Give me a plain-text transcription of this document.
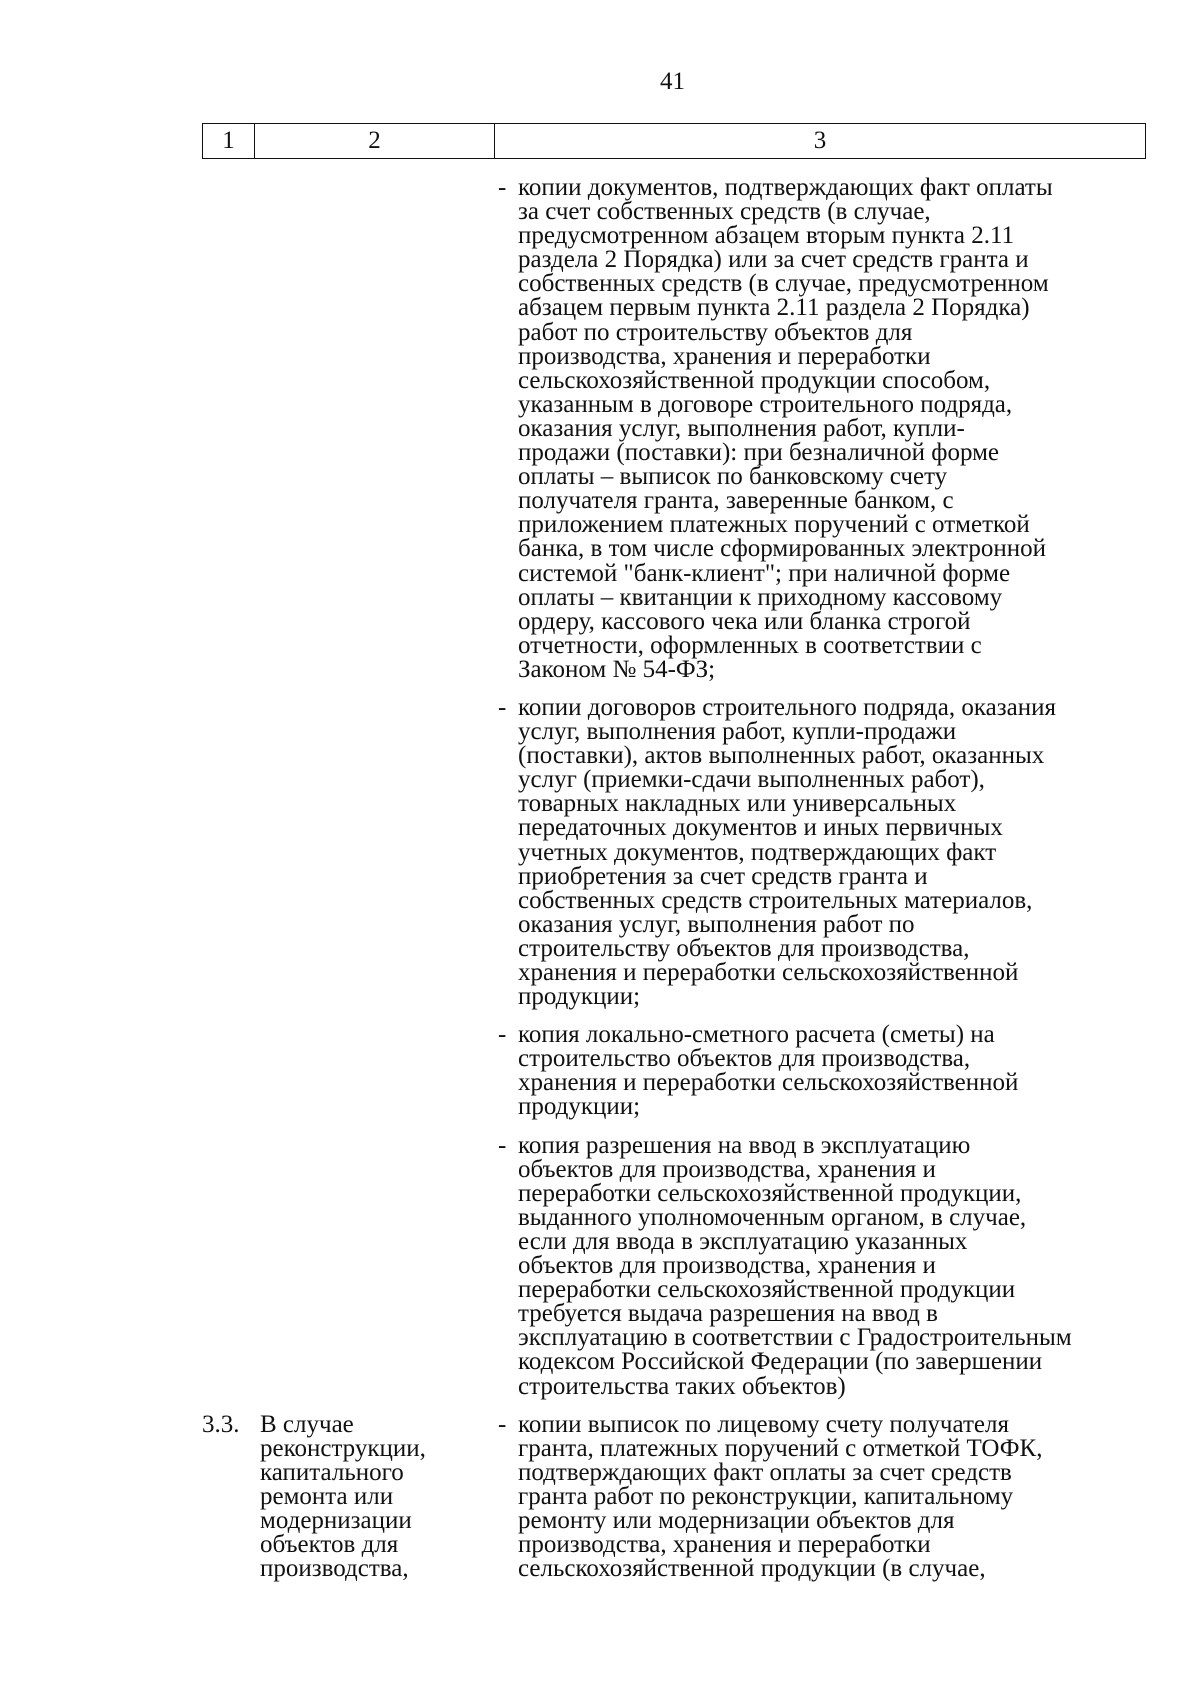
41
1	2	3
- копии документов, подтверждающих факт оплаты
за счет собственных средств (в случае,
предусмотренном абзацем вторым пункта 2.11
раздела 2 Порядка) или за счет средств гранта и
собственных средств (в случае, предусмотренном
абзацем первым пункта 2.11 раздела 2 Порядка)
работ по строительству объектов для
производства, хранения и переработки
сельскохозяйственной продукции способом,
указанным в договоре строительного подряда,
оказания услуг, выполнения работ, купли-
продажи (поставки): при безналичной форме
оплаты – выписок по банковскому счету
получателя гранта, заверенные банком, с
приложением платежных поручений с отметкой
банка, в том числе сформированных электронной
системой "банк-клиент"; при наличной форме
оплаты – квитанции к приходному кассовому
ордеру, кассового чека или бланка строгой
отчетности, оформленных в соответствии с
Законом № 54-ФЗ;
- копии договоров строительного подряда, оказания
услуг, выполнения работ, купли-продажи
(поставки), актов выполненных работ, оказанных
услуг (приемки-сдачи выполненных работ),
товарных накладных или универсальных
передаточных документов и иных первичных
учетных документов, подтверждающих факт
приобретения за счет средств гранта и
собственных средств строительных материалов,
оказания услуг, выполнения работ по
строительству объектов для производства,
хранения и переработки сельскохозяйственной
продукции;
- копия локально-сметного расчета (сметы) на
строительство объектов для производства,
хранения и переработки сельскохозяйственной
продукции;
- копия разрешения на ввод в эксплуатацию
объектов для производства, хранения и
переработки сельскохозяйственной продукции,
выданного уполномоченным органом, в случае,
если для ввода в эксплуатацию указанных
объектов для производства, хранения и
переработки сельскохозяйственной продукции
требуется выдача разрешения на ввод в
эксплуатацию в соответствии с Градостроительным
кодексом Российской Федерации (по завершении
строительства таких объектов)
3.3. В случае реконструкции, капитального ремонта или модернизации объектов для производства,
- копии выписок по лицевому счету получателя
гранта, платежных поручений с отметкой ТОФК,
подтверждающих факт оплаты за счет средств
гранта работ по реконструкции, капитальному
ремонту или модернизации объектов для
производства, хранения и переработки
сельскохозяйственной продукции (в случае,
